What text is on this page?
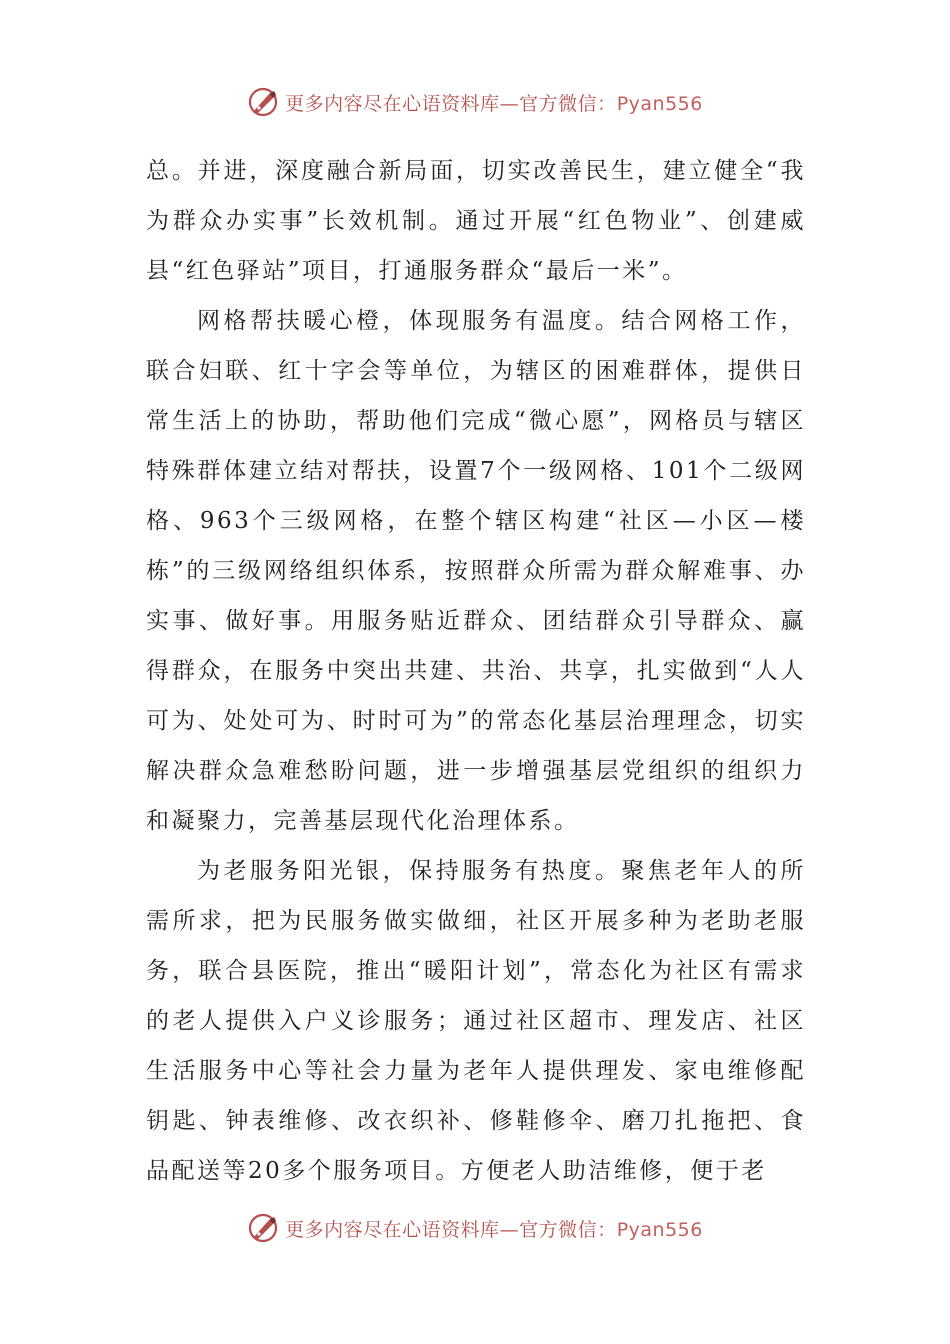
更多内容尽在心语资料库—官方微信：Pyan556

总。并进，深度融合新局面，切实改善民生，建立健全“我为群众办实事”长效机制。通过开展“红色物业”、创建威县“红色驿站”项目，打通服务群众“最后一米”。

网格帮扶暖心橙，体现服务有温度。结合网格工作，联合妇联、红十字会等单位，为辖区的困难群体，提供日常生活上的协助，帮助他们完成“微心愿”，网格员与辖区特殊群体建立结对帮扶，设置7个一级网格、101个二级网格、963个三级网格，在整个辖区构建“社区—小区—楼栋”的三级网络组织体系，按照群众所需为群众解难事、办实事、做好事。用服务贴近群众、团结群众引导群众、赢得群众，在服务中突出共建、共治、共享，扎实做到“人人可为、处处可为、时时可为”的常态化基层治理理念，切实解决群众急难愁盼问题，进一步增强基层党组织的组织力和凝聚力，完善基层现代化治理体系。

为老服务阳光银，保持服务有热度。聚焦老年人的所需所求，把为民服务做实做细，社区开展多种为老助老服务，联合县医院，推出“暖阳计划”，常态化为社区有需求的老人提供入户义诊服务；通过社区超市、理发店、社区生活服务中心等社会力量为老年人提供理发、家电维修配钥匙、钟表维修、改衣织补、修鞋修伞、磨刀扎拖把、食品配送等20多个服务项目。方便老人助洁维修，便于老

更多内容尽在心语资料库—官方微信：Pyan556
